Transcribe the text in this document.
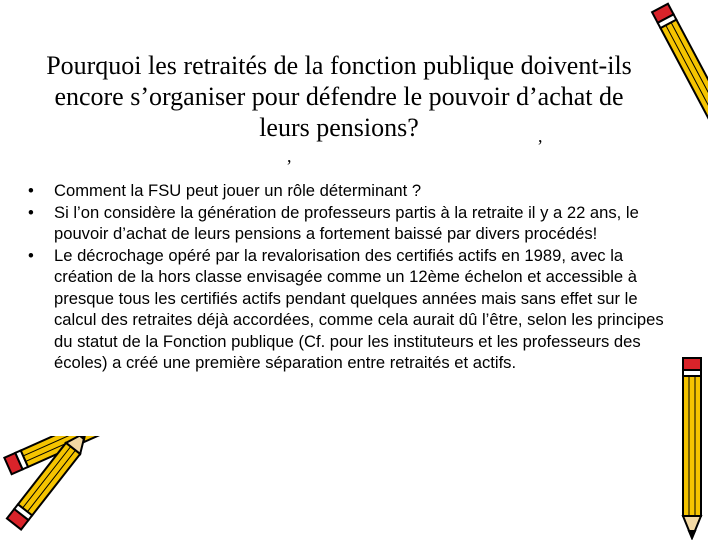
Pourquoi les retraités de la fonction publique doivent-ils
encore s’organiser pour défendre le pouvoir d’achat de
leurs pensions?	,
,
• Comment la FSU peut jouer un rôle déterminant ?
• Si l’on considère la génération de professeurs partis à la retraite il y a 22 ans, le pouvoir d’achat de leurs pensions a fortement baissé par divers procédés!
• Le décrochage opéré par la revalorisation des certifiés actifs en 1989, avec la création de la hors classe envisagée comme un 12ème échelon et accessible à presque tous les certifiés actifs pendant quelques années mais sans effet sur le calcul des retraites déjà accordées, comme cela aurait dû l’être, selon les principes du statut de la Fonction publique (Cf. pour les instituteurs et les professeurs des écoles) a créé une première séparation entre retraités et actifs.
